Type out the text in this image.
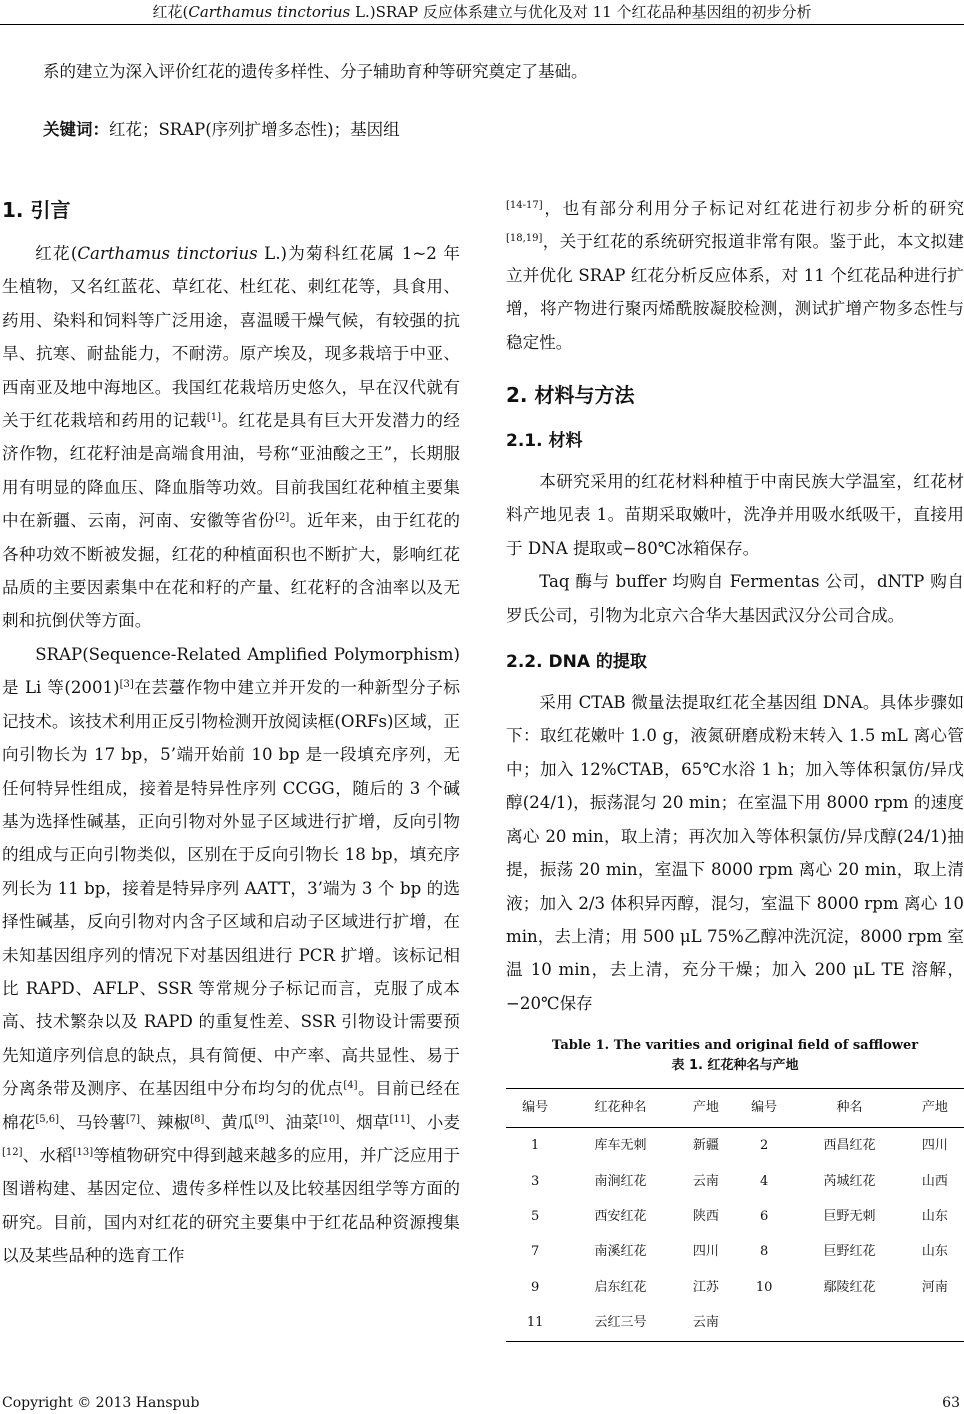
红花(Carthamus tinctorius L.)SRAP 反应体系建立与优化及对 11 个红花品种基因组的初步分析
系的建立为深入评价红花的遗传多样性、分子辅助育种等研究奠定了基础。
关键词：红花；SRAP(序列扩增多态性)；基因组
1. 引言

红花(Carthamus tinctorius L.)为菊科红花属 1~2 年生植物，又名红蓝花、草红花、杜红花、刺红花等，具食用、药用、染料和饲料等广泛用途，喜温暖干燥气候，有较强的抗旱、抗寒、耐盐能力，不耐涝。原产埃及，现多栽培于中亚、西南亚及地中海地区。我国红花栽培历史悠久，早在汉代就有关于红花栽培和药用的记载[1]。红花是具有巨大开发潜力的经济作物，红花籽油是高端食用油，号称“亚油酸之王”，长期服用有明显的降血压、降血脂等功效。目前我国红花种植主要集中在新疆、云南，河南、安徽等省份[2]。近年来，由于红花的各种功效不断被发掘，红花的种植面积也不断扩大，影响红花品质的主要因素集中在花和籽的产量、红花籽的含油率以及无刺和抗倒伏等方面。

SRAP(Sequence-Related Amplified Polymorphism)是 Li 等(2001)[3]在芸薹作物中建立并开发的一种新型分子标记技术。该技术利用正反引物检测开放阅读框(ORFs)区域，正向引物长为 17 bp，5’端开始前 10 bp 是一段填充序列，无任何特异性组成，接着是特异性序列 CCGG，随后的 3 个碱基为选择性碱基，正向引物对外显子区域进行扩增，反向引物的组成与正向引物类似，区别在于反向引物长 18 bp，填充序列长为 11 bp，接着是特异序列 AATT，3’端为 3 个 bp 的选择性碱基，反向引物对内含子区域和启动子区域进行扩增，在未知基因组序列的情况下对基因组进行 PCR 扩增。该标记相比 RAPD、AFLP、SSR 等常规分子标记而言，克服了成本高、技术繁杂以及 RAPD 的重复性差、SSR 引物设计需要预先知道序列信息的缺点，具有简便、中产率、高共显性、易于分离条带及测序、在基因组中分布均匀的优点[4]。目前已经在棉花[5,6]、马铃薯[7]、辣椒[8]、黄瓜[9]、油菜[10]、烟草[11]、小麦[12]、水稻[13]等植物研究中得到越来越多的应用，并广泛应用于图谱构建、基因定位、遗传多样性以及比较基因组学等方面的研究。目前，国内对红花的研究主要集中于红花品种资源搜集以及某些品种的选育工作

[14-17]，也有部分利用分子标记对红花进行初步分析的研究[18,19]，关于红花的系统研究报道非常有限。鉴于此，本文拟建立并优化 SRAP 红花分析反应体系，对 11 个红花品种进行扩增，将产物进行聚丙烯酰胺凝胶检测，测试扩增产物多态性与稳定性。

2. 材料与方法
2.1. 材料

本研究采用的红花材料种植于中南民族大学温室，红花材料产地见表 1。苗期采取嫩叶，洗净并用吸水纸吸干，直接用于 DNA 提取或−80℃冰箱保存。

Taq 酶与 buffer 均购自 Fermentas 公司，dNTP 购自罗氏公司，引物为北京六合华大基因武汉分公司合成。

2.2. DNA 的提取

采用 CTAB 微量法提取红花全基因组 DNA。具体步骤如下：取红花嫩叶 1.0 g，液氮研磨成粉末转入 1.5 mL 离心管中；加入 12%CTAB，65℃水浴 1 h；加入等体积氯仿/异戊醇(24/1)，振荡混匀 20 min；在室温下用 8000 rpm 的速度离心 20 min，取上清；再次加入等体积氯仿/异戊醇(24/1)抽提，振荡 20 min，室温下 8000 rpm 离心 20 min，取上清液；加入 2/3 体积异丙醇，混匀，室温下 8000 rpm 离心 10 min，去上清；用 500 μL 75%乙醇冲洗沉淀，8000 rpm 室温 10 min，去上清，充分干燥；加入 200 μL TE 溶解，−20℃保存

Table 1. The varities and original field of safflower
表 1. 红花种名与产地
编号	红花种名	产地	编号	种名	产地
1	库车无刺	新疆	2	西昌红花	四川
3	南涧红花	云南	4	芮城红花	山西
5	西安红花	陕西	6	巨野无刺	山东
7	南溪红花	四川	8	巨野红花	山东
9	启东红花	江苏	10	鄢陵红花	河南
11	云红三号	云南			
Copyright © 2013 Hanspub	63
